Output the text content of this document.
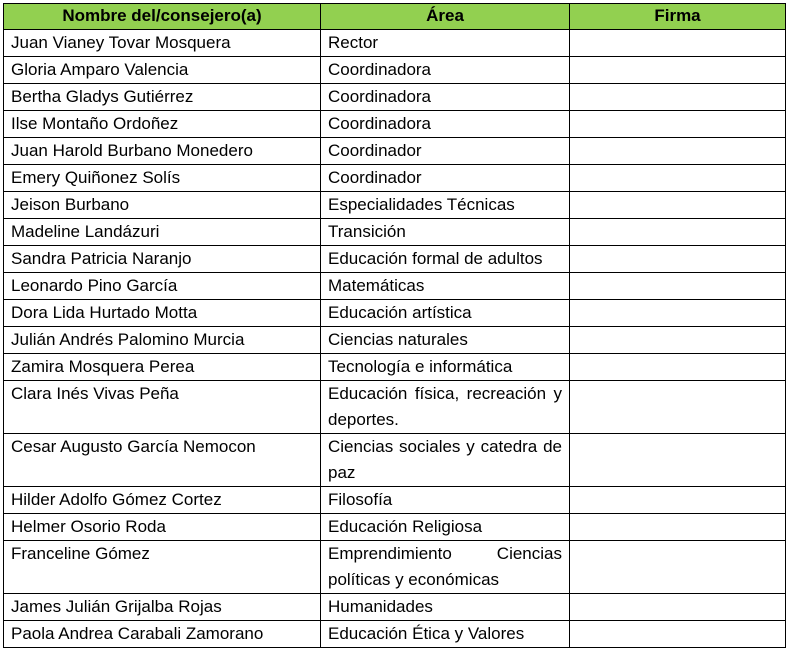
Nombre del/consejero(a)	Área	Firma
Juan Vianey Tovar Mosquera	Rector	
Gloria Amparo Valencia	Coordinadora	
Bertha Gladys Gutiérrez	Coordinadora	
Ilse Montaño Ordoñez	Coordinadora	
Juan Harold Burbano Monedero	Coordinador	
Emery Quiñonez Solís	Coordinador	
Jeison Burbano	Especialidades Técnicas	
Madeline Landázuri	Transición	
Sandra Patricia Naranjo	Educación formal de adultos	
Leonardo Pino García	Matemáticas	
Dora Lida Hurtado Motta	Educación artística	
Julián Andrés Palomino Murcia	Ciencias naturales	
Zamira Mosquera Perea	Tecnología e informática	
Clara Inés Vivas Peña	Educación física, recreación y deportes.	
Cesar Augusto García Nemocon	Ciencias sociales y catedra de paz	
Hilder Adolfo Gómez Cortez	Filosofía	
Helmer Osorio Roda	Educación Religiosa	
Franceline Gómez	Emprendimiento Ciencias políticas y económicas	
James Julián Grijalba Rojas	Humanidades	
Paola Andrea Carabali Zamorano	Educación Ética y Valores	
